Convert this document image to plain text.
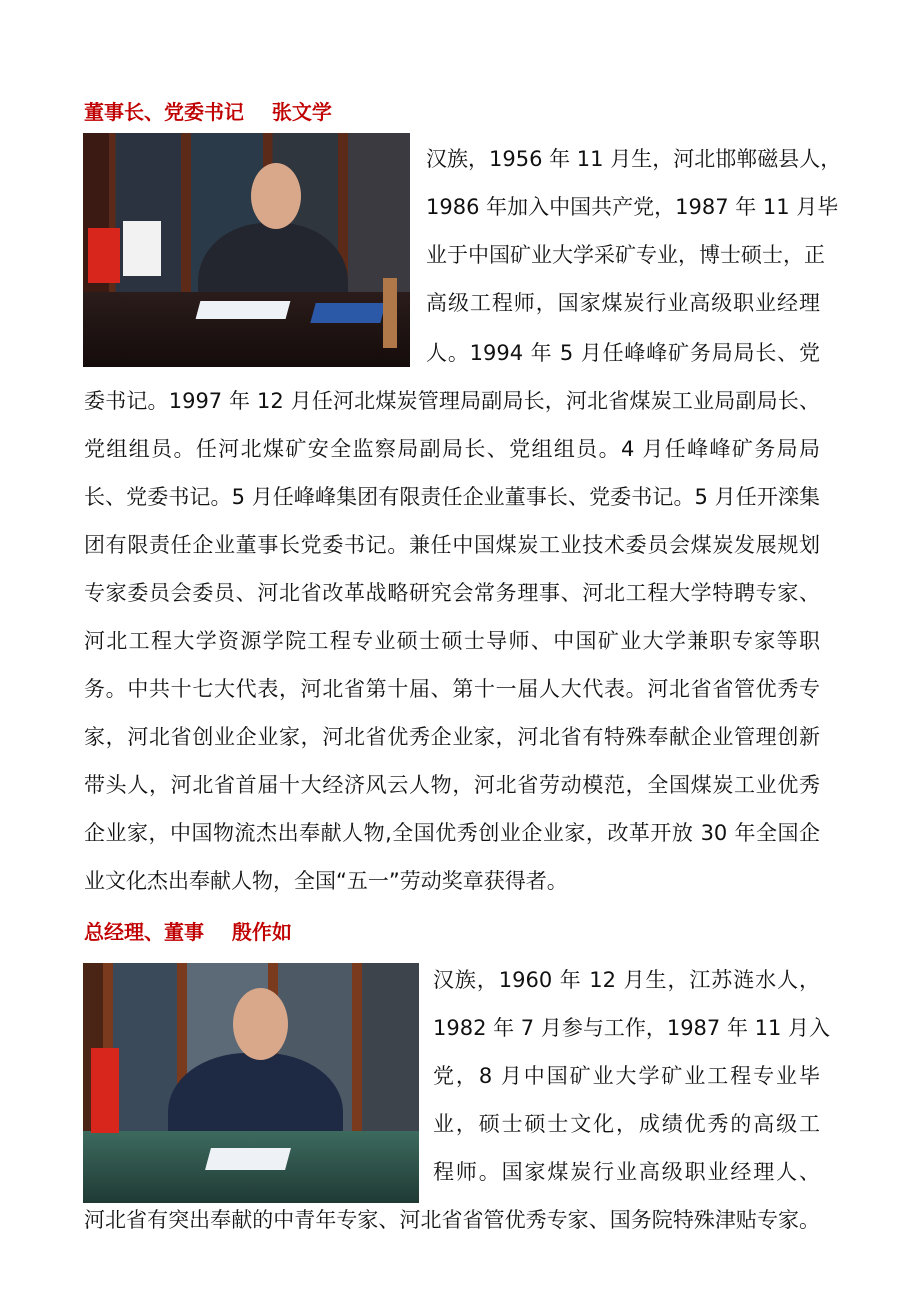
董事长、党委书记    张文学
汉族，1956 年 11 月生，河北邯郸磁县人，
1986 年加入中国共产党，1987 年 11 月毕
业于中国矿业大学采矿专业，博士硕士，正
高级工程师，国家煤炭行业高级职业经理
人。1994 年 5 月任峰峰矿务局局长、党
委书记。1997 年 12 月任河北煤炭管理局副局长，河北省煤炭工业局副局长、
党组组员。任河北煤矿安全监察局副局长、党组组员。4 月任峰峰矿务局局
长、党委书记。5 月任峰峰集团有限责任企业董事长、党委书记。5 月任开滦集
团有限责任企业董事长党委书记。兼任中国煤炭工业技术委员会煤炭发展规划
专家委员会委员、河北省改革战略研究会常务理事、河北工程大学特聘专家、
河北工程大学资源学院工程专业硕士硕士导师、中国矿业大学兼职专家等职
务。中共十七大代表，河北省第十届、第十一届人大代表。河北省省管优秀专
家，河北省创业企业家，河北省优秀企业家，河北省有特殊奉献企业管理创新
带头人，河北省首届十大经济风云人物，河北省劳动模范，全国煤炭工业优秀
企业家，中国物流杰出奉献人物,全国优秀创业企业家，改革开放 30 年全国企
业文化杰出奉献人物，全国“五一”劳动奖章获得者。
总经理、董事    殷作如
汉族，1960 年 12 月生，江苏涟水人，
1982 年 7 月参与工作，1987 年 11 月入
党，8 月中国矿业大学矿业工程专业毕
业，硕士硕士文化，成绩优秀的高级工
程师。国家煤炭行业高级职业经理人、
河北省有突出奉献的中青年专家、河北省省管优秀专家、国务院特殊津贴专家。
